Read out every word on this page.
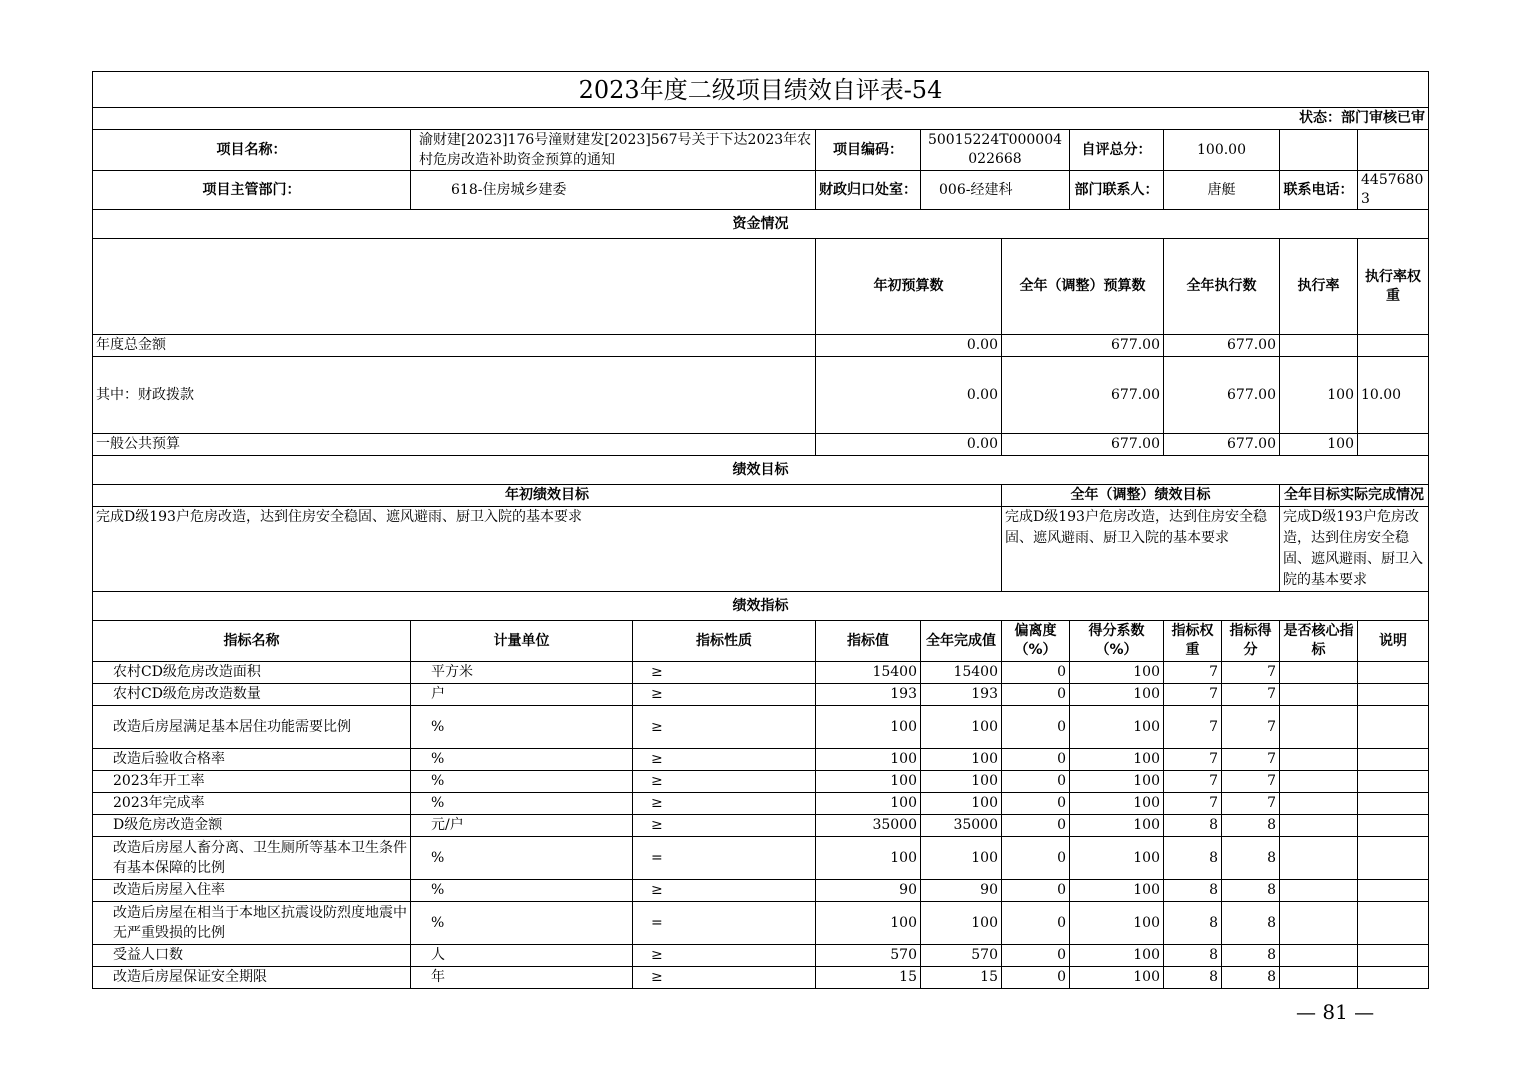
2023年度二级项目绩效自评表-54											
状态：部门审核已审											
项目名称：	渝财建[2023]176号潼财建发[2023]567号关于下达2023年农村危房改造补助资金预算的通知		项目编码：	50015224T000004022668		自评总分：	100.00				
项目主管部门：	618-住房城乡建委		财政归口处室：	006-经建科		部门联系人：	唐艇		联系电话：	44576803	
资金情况											
			年初预算数		全年（调整）预算数		全年执行数		执行率	执行率权重	
年度总金额			0.00		677.00		677.00				
其中：财政拨款			0.00		677.00		677.00		100	10.00	
一般公共预算			0.00		677.00		677.00		100		
绩效目标											
年初绩效目标					全年（调整）绩效目标				全年目标实际完成情况		
完成D级193户危房改造，达到住房安全稳固、遮风避雨、厨卫入院的基本要求					完成D级193户危房改造，达到住房安全稳固、遮风避雨、厨卫入院的基本要求				完成D级193户危房改造，达到住房安全稳固、遮风避雨、厨卫入院的基本要求		
绩效指标											
指标名称	计量单位	指标性质	指标值	全年完成值	偏离度（%）	得分系数（%）	指标权重	指标得分	是否核心指标	说明	
农村CD级危房改造面积	平方米	≥	15400	15400	0	100	7	7			
农村CD级危房改造数量	户	≥	193	193	0	100	7	7			
改造后房屋满足基本居住功能需要比例	%	≥	100	100	0	100	7	7			
改造后验收合格率	%	≥	100	100	0	100	7	7			
2023年开工率	%	≥	100	100	0	100	7	7			
2023年完成率	%	≥	100	100	0	100	7	7			
D级危房改造金额	元/户	≥	35000	35000	0	100	8	8			
改造后房屋人畜分离、卫生厕所等基本卫生条件有基本保障的比例	%	=	100	100	0	100	8	8			
改造后房屋入住率	%	≥	90	90	0	100	8	8			
改造后房屋在相当于本地区抗震设防烈度地震中无严重毁损的比例	%	=	100	100	0	100	8	8			
受益人口数	人	≥	570	570	0	100	8	8			
改造后房屋保证安全期限	年	≥	15	15	0	100	8	8			
— 81 —
